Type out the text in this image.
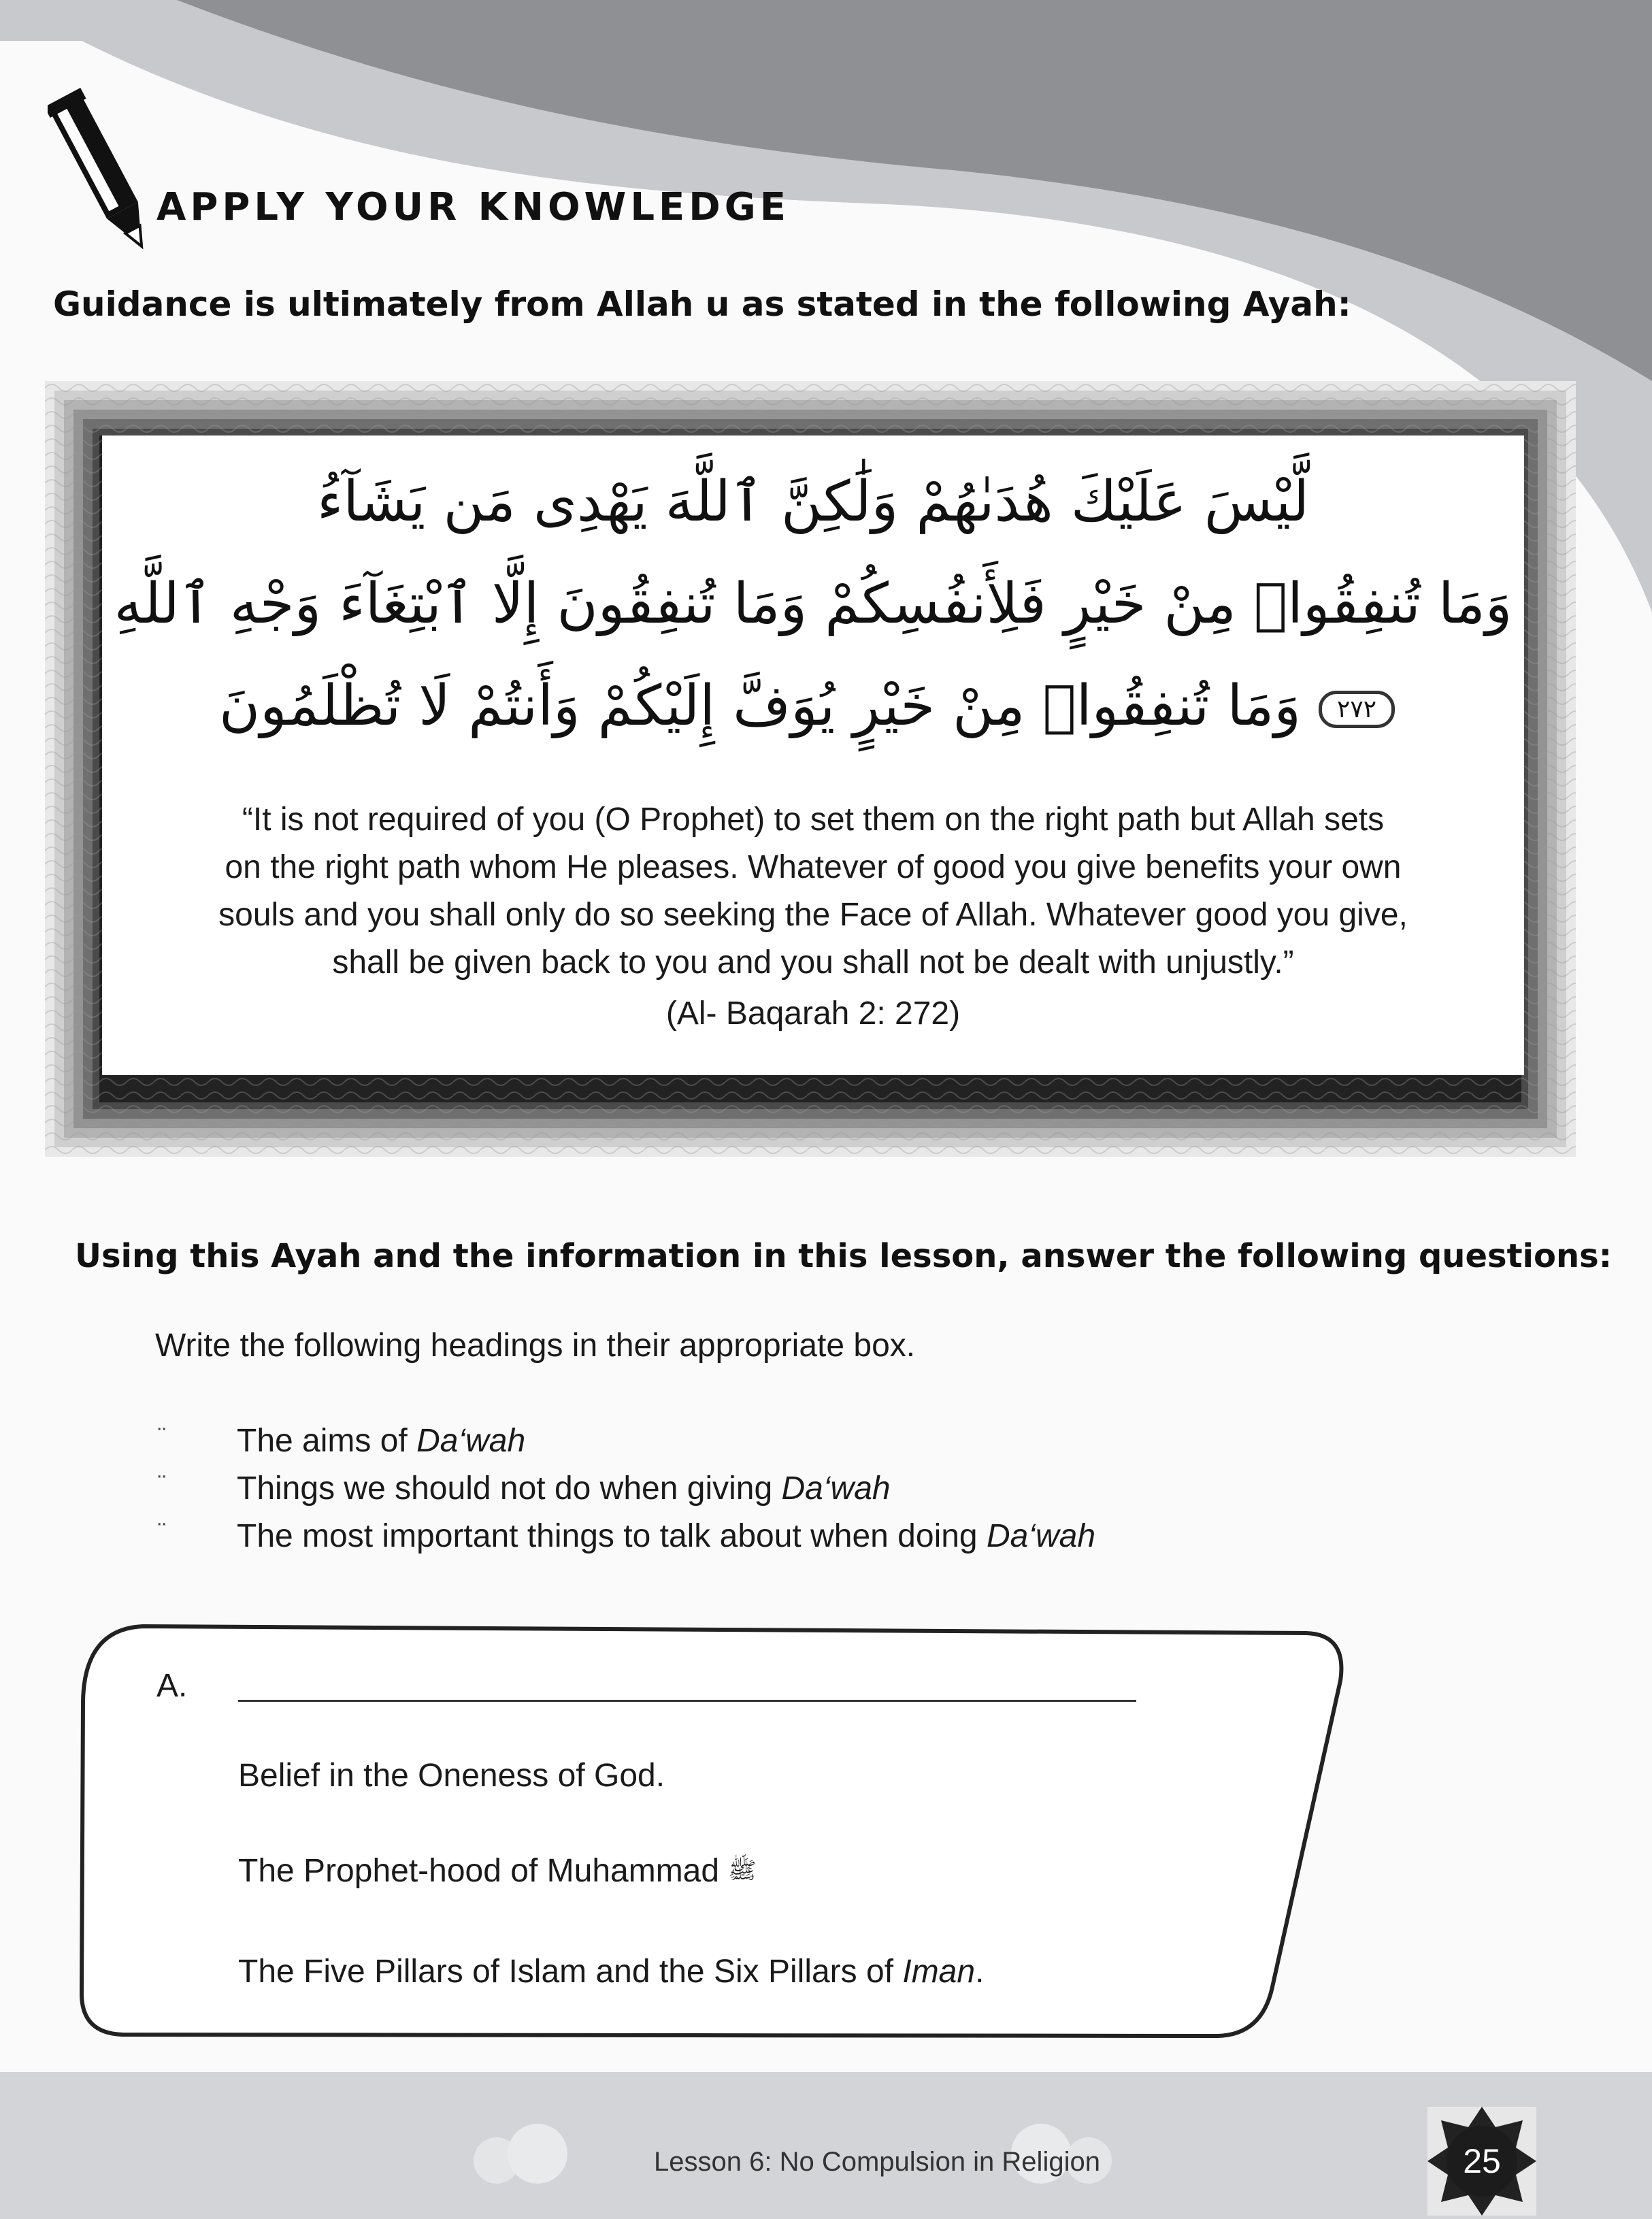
APPLY YOUR KNOWLEDGE
Guidance is ultimately from Allah u as stated in the following Ayah:
لَّيْسَ عَلَيْكَ هُدَىٰهُمْ وَلَٰكِنَّ ٱللَّهَ يَهْدِى مَن يَشَآءُ
وَمَا تُنفِقُوا۟ مِنْ خَيْرٍ فَلِأَنفُسِكُمْ وَمَا تُنفِقُونَ إِلَّا ٱبْتِغَآءَ وَجْهِ ٱللَّهِ
٢٧٢ وَمَا تُنفِقُوا۟ مِنْ خَيْرٍ يُوَفَّ إِلَيْكُمْ وَأَنتُمْ لَا تُظْلَمُونَ
“It is not required of you (O Prophet) to set them on the right path but Allah sets
on the right path whom He pleases. Whatever of good you give benefits your own
souls and you shall only do so seeking the Face of Allah. Whatever good you give,
shall be given back to you and you shall not be dealt with unjustly.”
(Al- Baqarah 2: 272)
Using this Ayah and the information in this lesson, answer the following questions:
Write the following headings in their appropriate box.
¨ The aims of Da‘wah
¨ Things we should not do when giving Da‘wah
¨ The most important things to talk about when doing Da‘wah
A.
Belief in the Oneness of God.
The Prophet-hood of Muhammad ﷺ
The Five Pillars of Islam and the Six Pillars of Iman.
Lesson 6: No Compulsion in Religion	25
